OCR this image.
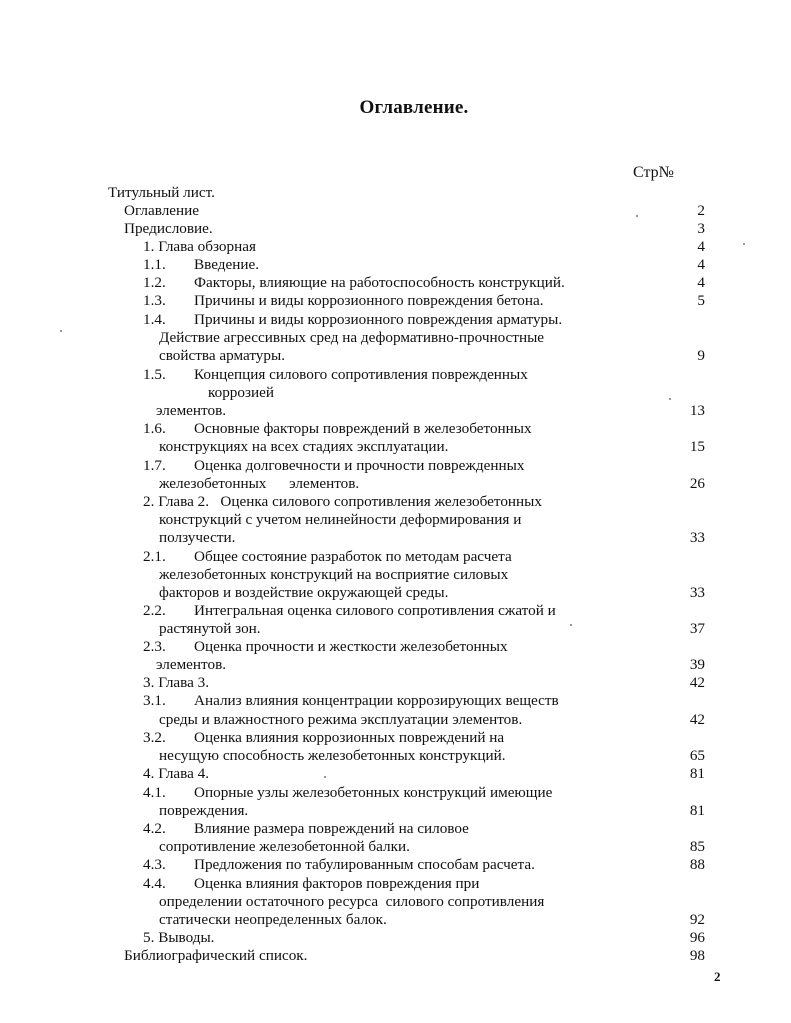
Оглавление.
Стр№
Титульный лист.
Оглавление	2
Предисловие.	3
1. Глава обзорная	4
1.1. Введение.	4
1.2. Факторы, влияющие на работоспособность конструкций.	4
1.3. Причины и виды коррозионного повреждения бетона.	5
1.4. Причины и виды коррозионного повреждения арматуры.
Действие агрессивных сред на деформативно-прочностные
свойства арматуры.	9
1.5. Концепция силового сопротивления поврежденных
коррозией
элементов.	13
1.6. Основные факторы повреждений в железобетонных
конструкциях на всех стадиях эксплуатации.	15
1.7. Оценка долговечности и прочности поврежденных
железобетонных      элементов.	26
2. Глава 2.   Оценка силового сопротивления железобетонных
конструкций с учетом нелинейности деформирования и
ползучести.	33
2.1. Общее состояние разработок по методам расчета
железобетонных конструкций на восприятие силовых
факторов и воздействие окружающей среды.	33
2.2. Интегральная оценка силового сопротивления сжатой и
растянутой зон.	37
2.3. Оценка прочности и жесткости железобетонных
элементов.	39
3. Глава 3.	42
3.1. Анализ влияния концентрации коррозирующих веществ
среды и влажностного режима эксплуатации элементов.	42
3.2. Оценка влияния коррозионных повреждений на
несущую способность железобетонных конструкций.	65
4. Глава 4.	81
4.1. Опорные узлы железобетонных конструкций имеющие
повреждения.	81
4.2. Влияние размера повреждений на силовое
сопротивление железобетонной балки.	85
4.3. Предложения по табулированным способам расчета.	88
4.4. Оценка влияния факторов повреждения при
определении остаточного ресурса  силового сопротивления
статически неопределенных балок.	92
5. Выводы.	96
Библиографический список.	98
2
